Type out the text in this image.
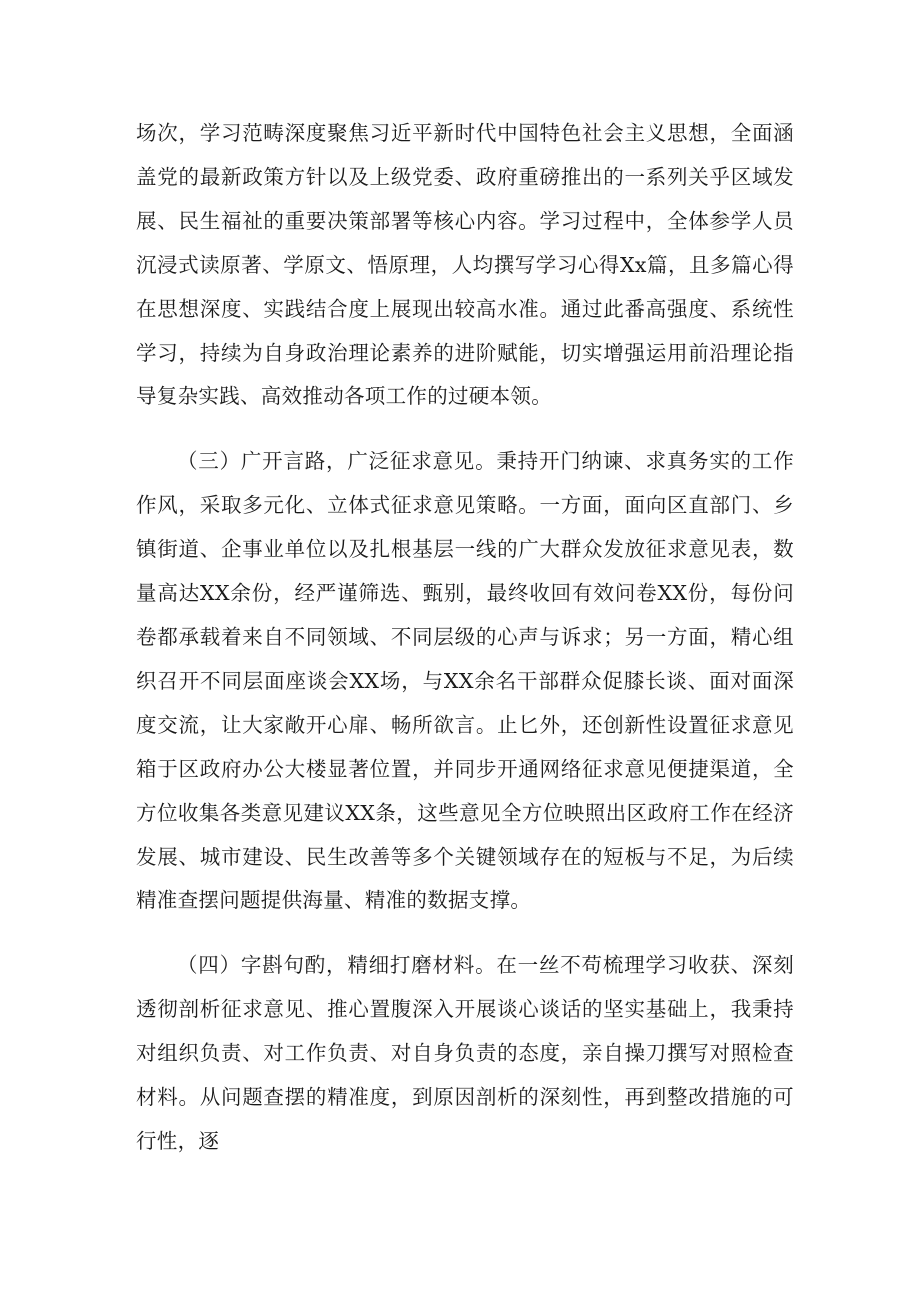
场次，学习范畴深度聚焦习近平新时代中国特色社会主义思想，全面涵盖党的最新政策方针以及上级党委、政府重磅推出的一系列关乎区域发展、民生福祉的重要决策部署等核心内容。学习过程中，全体参学人员沉浸式读原著、学原文、悟原理，人均撰写学习心得Xx篇，且多篇心得在思想深度、实践结合度上展现出较高水准。通过此番高强度、系统性学习，持续为自身政治理论素养的进阶赋能，切实增强运用前沿理论指导复杂实践、高效推动各项工作的过硬本领。

（三）广开言路，广泛征求意见。秉持开门纳谏、求真务实的工作作风，采取多元化、立体式征求意见策略。一方面，面向区直部门、乡镇街道、企事业单位以及扎根基层一线的广大群众发放征求意见表，数量高达XX余份，经严谨筛选、甄别，最终收回有效问卷XX份，每份问卷都承载着来自不同领域、不同层级的心声与诉求；另一方面，精心组织召开不同层面座谈会XX场，与XX余名干部群众促膝长谈、面对面深度交流，让大家敞开心扉、畅所欲言。止匕外，还创新性设置征求意见箱于区政府办公大楼显著位置，并同步开通网络征求意见便捷渠道，全方位收集各类意见建议XX条，这些意见全方位映照出区政府工作在经济发展、城市建设、民生改善等多个关键领域存在的短板与不足，为后续精准查摆问题提供海量、精准的数据支撑。

（四）字斟句酌，精细打磨材料。在一丝不苟梳理学习收获、深刻透彻剖析征求意见、推心置腹深入开展谈心谈话的坚实基础上，我秉持对组织负责、对工作负责、对自身负责的态度，亲自操刀撰写对照检查材料。从问题查摆的精准度，到原因剖析的深刻性，再到整改措施的可行性，逐
